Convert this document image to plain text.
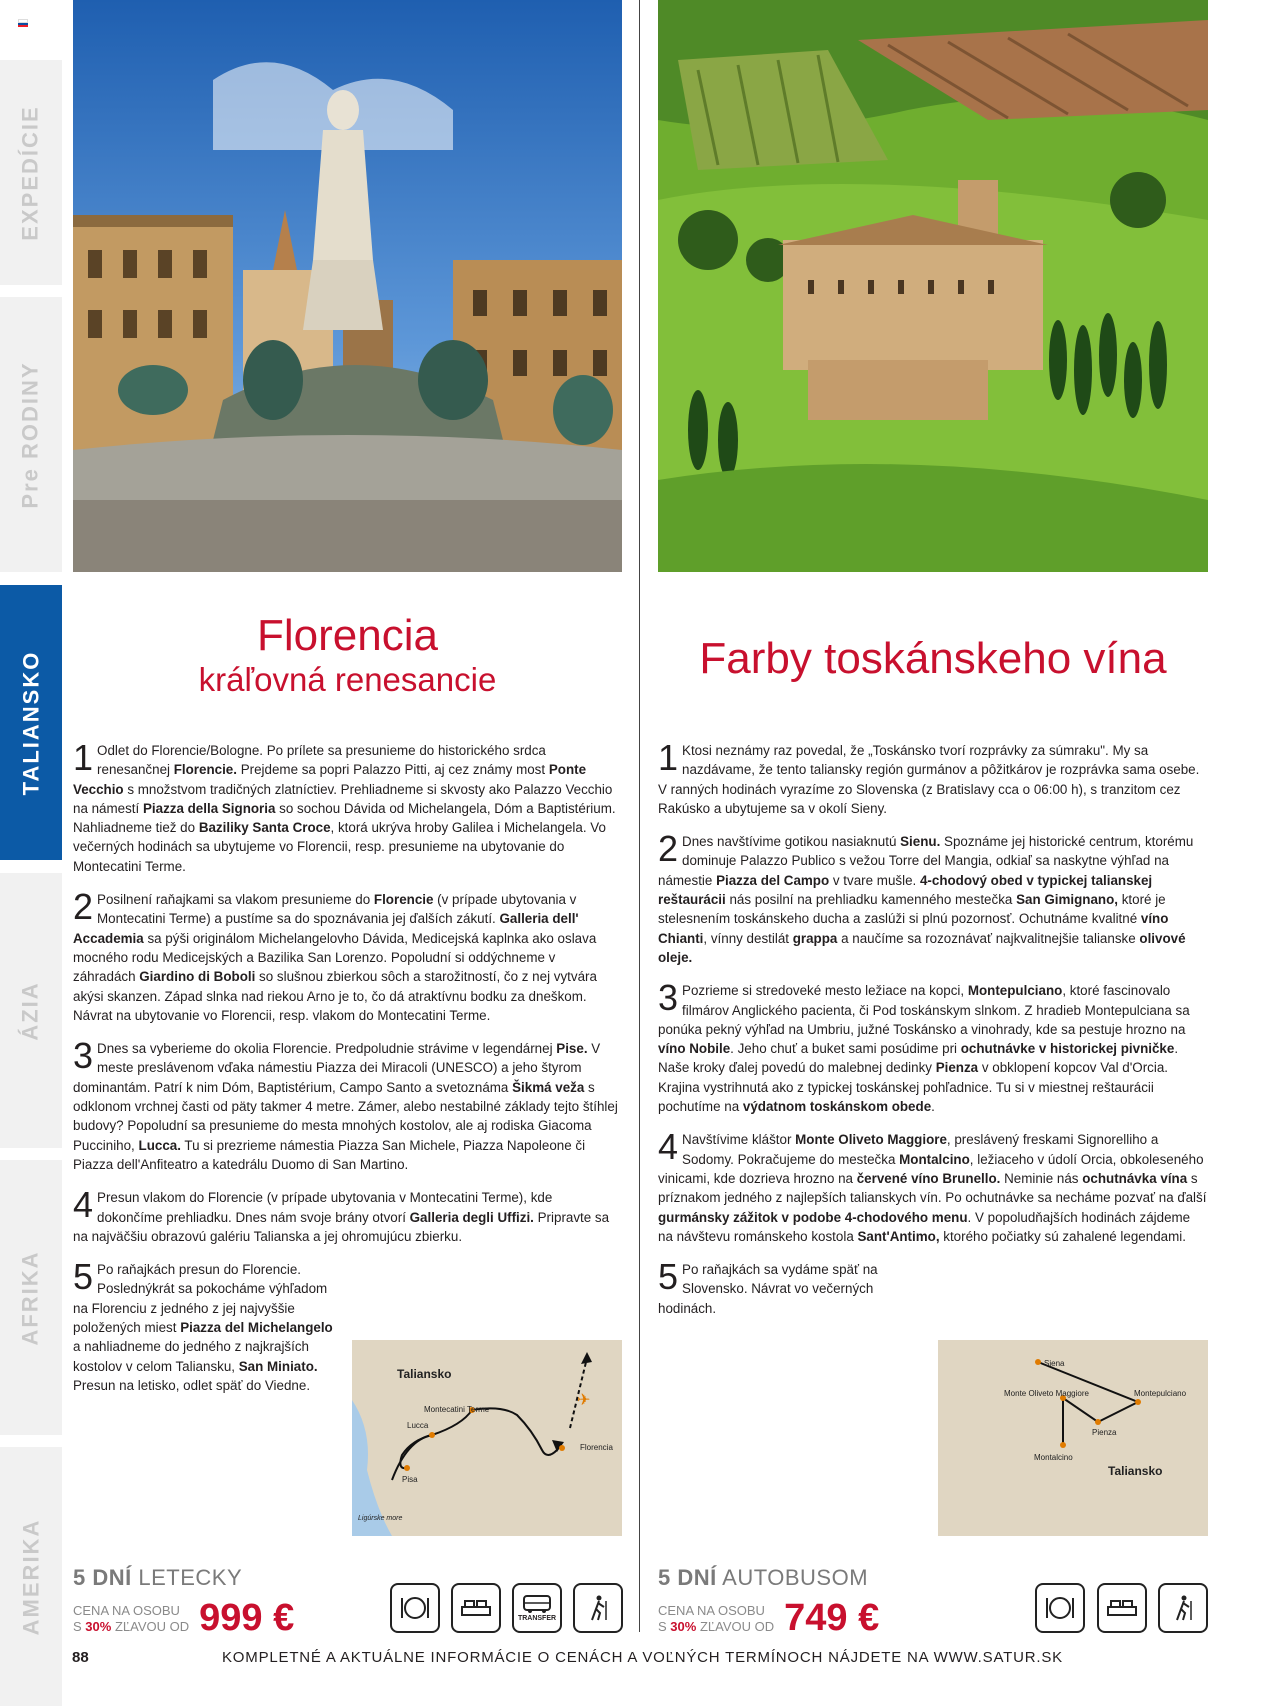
EXPEDÍCIE
Pre RODINY
TALIANSKO
ÁZIA
AFRIKA
AMERIKA
Florencia
kráľovná renesancie
1 Odlet do Florencie/Bologne. Po prílete sa presunieme do historického srdca renesančnej Florencie. Prejdeme sa popri Palazzo Pitti, aj cez známy most Ponte Vecchio s množstvom tradičných zlatníctiev. Prehliadneme si skvosty ako Palazzo Vecchio na námestí Piazza della Signoria so sochou Dávida od Michelangela, Dóm a Baptistérium. Nahliadneme tiež do Baziliky Santa Croce, ktorá ukrýva hroby Galilea i Michelangela. Vo večerných hodinách sa ubytujeme vo Florencii, resp. presunieme na ubytovanie do Montecatini Terme.
2 Posilnení raňajkami sa vlakom presunieme do Florencie (v prípade ubytovania v Montecatini Terme) a pustíme sa do spoznávania jej ďalších zákutí. Galleria dell' Accademia sa pýši originálom Michelangelovho Dávida, Medicejská kaplnka ako oslava mocného rodu Medicejských a Bazilika San Lorenzo. Popoludní si oddýchneme v záhradách Giardino di Boboli so slušnou zbierkou sôch a starožitností, čo z nej vytvára akýsi skanzen. Západ slnka nad riekou Arno je to, čo dá atraktívnu bodku za dneškom. Návrat na ubytovanie vo Florencii, resp. vlakom do Montecatini Terme.
3 Dnes sa vyberieme do okolia Florencie. Predpoludnie strávime v legendárnej Pise. V meste preslávenom vďaka námestiu Piazza dei Miracoli (UNESCO) a jeho štyrom dominantám. Patrí k nim Dóm, Baptistérium, Campo Santo a svetoznáma Šikmá veža s odklonom vrchnej časti od päty takmer 4 metre. Zámer, alebo nestabilné základy tejto štíhlej budovy? Popoludní sa presunieme do mesta mnohých kostolov, ale aj rodiska Giacoma Pucciniho, Lucca. Tu si prezrieme námestia Piazza San Michele, Piazza Napoleone či Piazza dell'Anfiteatro a katedrálu Duomo di San Martino.
4 Presun vlakom do Florencie (v prípade ubytovania v Montecatini Terme), kde dokončíme prehliadku. Dnes nám svoje brány otvorí Galleria degli Uffizi. Pripravte sa na najväčšiu obrazovú galériu Talianska a jej ohromujúcu zbierku.
5 Po raňajkách presun do Florencie. Poslednýkrát sa pokocháme výhľadom na Florenciu z jedného z jej najvyššie položených miest Piazza del Michelangelo a nahliadneme do jedného z najkrajších kostolov v celom Taliansku, San Miniato. Presun na letisko, odlet späť do Viedne.
✈
Taliansko
Montecatini Terme
Lucca
Pisa
Florencia
Ligúrske more
5 DNÍ LETECKY
CENA NA OSOBU
S 30% ZĽAVOU OD 999 €	TRANSFER
Farby toskánskeho vína
1 Ktosi neznámy raz povedal, že „Toskánsko tvorí rozprávky za súmraku". My sa nazdávame, že tento taliansky región gurmánov a pôžitkárov je rozprávka sama osebe. V ranných hodinách vyrazíme zo Slovenska (z Bratislavy cca o 06:00 h), s tranzitom cez Rakúsko a ubytujeme sa v okolí Sieny.
2 Dnes navštívime gotikou nasiaknutú Sienu. Spoznáme jej historické centrum, ktorému dominuje Palazzo Publico s vežou Torre del Mangia, odkiaľ sa naskytne výhľad na námestie Piazza del Campo v tvare mušle. 4-chodový obed v typickej talianskej reštaurácii nás posilní na prehliadku kamenného mestečka San Gimignano, ktoré je stelesnením toskánskeho ducha a zaslúži si plnú pozornosť. Ochutnáme kvalitné víno Chianti, vínny destilát grappa a naučíme sa rozoznávať najkvalitnejšie talianske olivové oleje.
3 Pozrieme si stredoveké mesto ležiace na kopci, Montepulciano, ktoré fascinovalo filmárov Anglického pacienta, či Pod toskánskym slnkom. Z hradieb Montepulciana sa ponúka pekný výhľad na Umbriu, južné Toskánsko a vinohrady, kde sa pestuje hrozno na víno Nobile. Jeho chuť a buket sami posúdime pri ochutnávke v historickej pivničke. Naše kroky ďalej povedú do malebnej dedinky Pienza v obklopení kopcov Val d'Orcia. Krajina vystrihnutá ako z typickej toskánskej pohľadnice. Tu si v miestnej reštaurácii pochutíme na výdatnom toskánskom obede.
4 Navštívime kláštor Monte Oliveto Maggiore, preslávený freskami Signorelliho a Sodomy. Pokračujeme do mestečka Montalcino, ležiaceho v údolí Orcia, obkoleseného vinicami, kde dozrieva hrozno na červené víno Brunello. Neminie nás ochutnávka vína s príznakom jedného z najlepších talianskych vín. Po ochutnávke sa necháme pozvať na ďalší gurmánsky zážitok v podobe 4-chodového menu. V popoludňajších hodinách zájdeme na návštevu románskeho kostola Sant'Antimo, ktorého počiatky sú zahalené legendami.
5 Po raňajkách sa vydáme späť na Slovensko. Návrat vo večerných hodinách.
Siena
Monte Oliveto Maggiore	Montepulciano
Pienza
Montalcino
Taliansko
5 DNÍ AUTOBUSOM
CENA NA OSOBU
S 30% ZĽAVOU OD 749 €
88	KOMPLETNÉ A AKTUÁLNE INFORMÁCIE O CENÁCH A VOĽNÝCH TERMÍNOCH NÁJDETE NA WWW.SATUR.SK
